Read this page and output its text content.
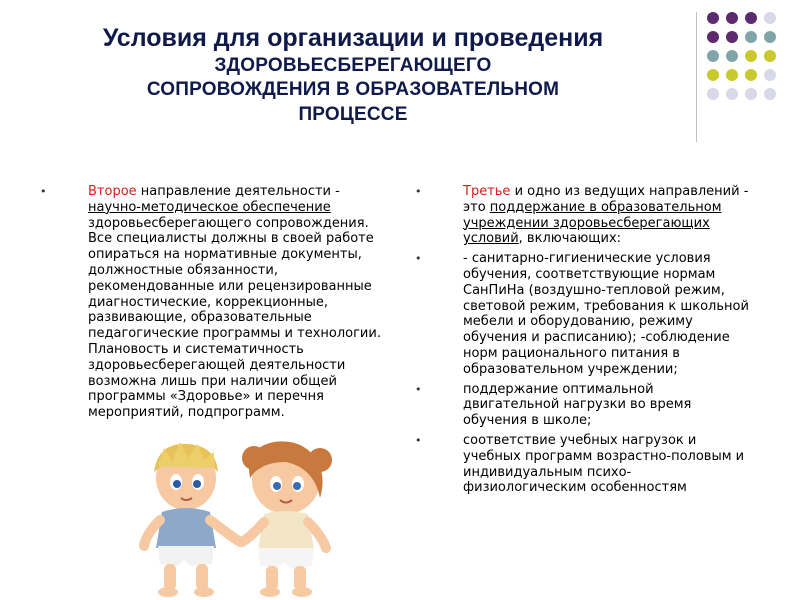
Условия для организации и проведения
ЗДОРОВЬЕСБЕРЕГАЮЩЕГО
СОПРОВОЖДЕНИЯ В ОБРАЗОВАТЕЛЬНОМ
ПРОЦЕССЕ
•	Второе направление деятельности - научно-методическое обеспечение здоровьесберегающего сопровождения. Все специалисты должны в своей работе опираться на нормативные документы, должностные обязанности, рекомендованные или рецензированные диагностические, коррекционные, развивающие, образовательные педагогические программы и технологии. Плановость и систематичность здоровьесберегающей деятельности возможна лишь при наличии общей программы «Здоровье» и перечня мероприятий, подпрограмм.
•	Третье и одно из ведущих направлений - это поддержание в образовательном учреждении здоровьесберегающих условий, включающих:
•	- санитарно-гигиенические условия обучения, соответствующие нормам СанПиНа (воздушно-тепловой режим, световой режим, требования к школьной мебели и оборудованию, режиму обучения и расписанию); -соблюдение норм рационального питания в образовательном учреждении;
•	поддержание оптимальной двигательной нагрузки во время обучения в школе;
•	соответствие учебных нагрузок и учебных программ возрастно-половым и индивидуальным психо-физиологическим особенностям
